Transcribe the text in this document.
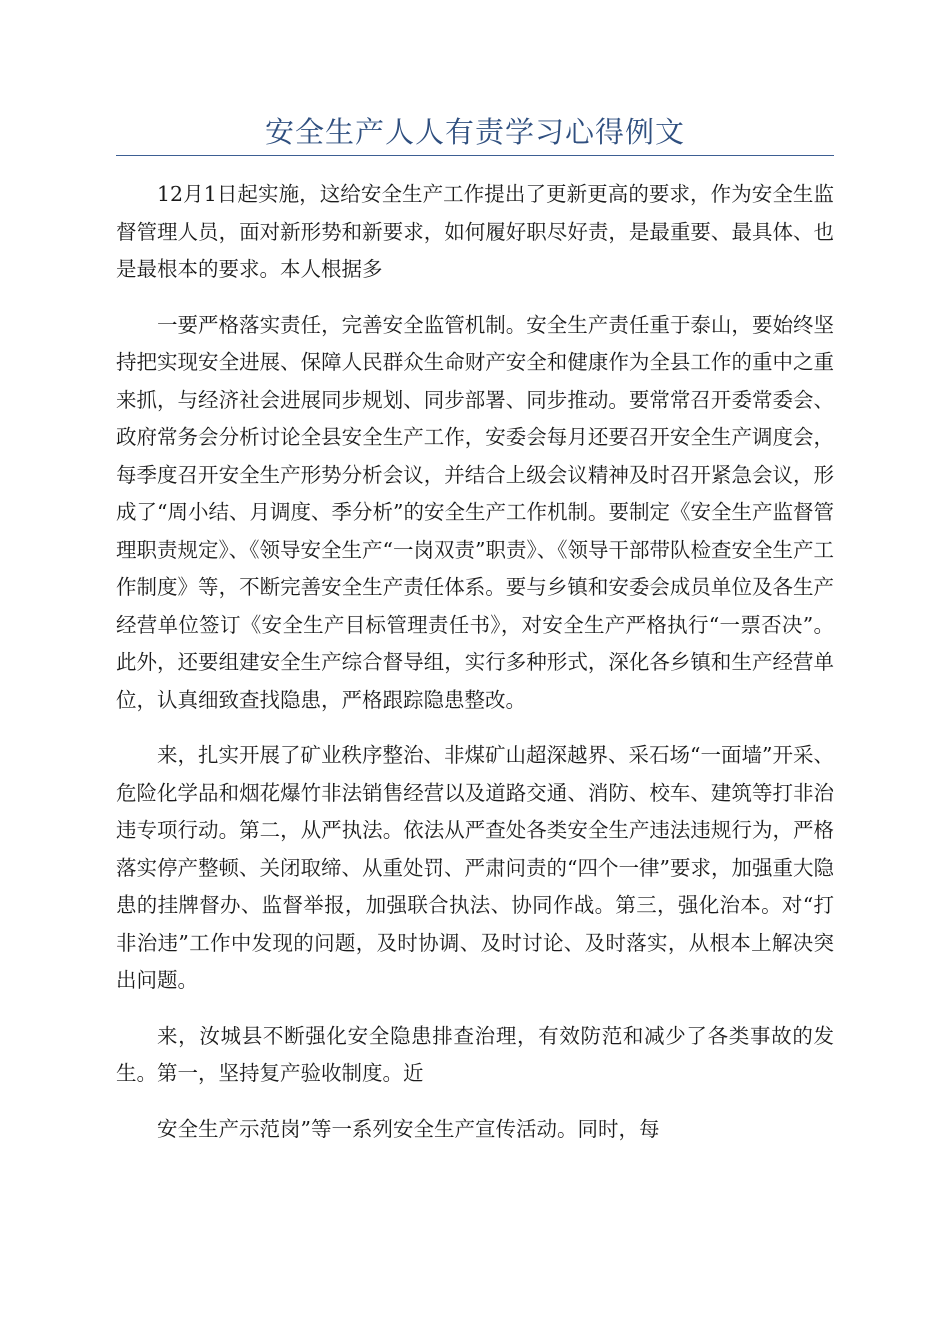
安全生产人人有责学习心得例文

12月1日起实施，这给安全生产工作提出了更新更高的要求，作为安全生监督管理人员，面对新形势和新要求，如何履好职尽好责，是最重要、最具体、也是最根本的要求。本人根据多

一要严格落实责任，完善安全监管机制。安全生产责任重于泰山，要始终坚持把实现安全进展、保障人民群众生命财产安全和健康作为全县工作的重中之重来抓，与经济社会进展同步规划、同步部署、同步推动。要常常召开委常委会、政府常务会分析讨论全县安全生产工作，安委会每月还要召开安全生产调度会，每季度召开安全生产形势分析会议，并结合上级会议精神及时召开紧急会议，形成了“周小结、月调度、季分析”的安全生产工作机制。要制定《安全生产监督管理职责规定》、《领导安全生产“一岗双责”职责》、《领导干部带队检查安全生产工作制度》等，不断完善安全生产责任体系。要与乡镇和安委会成员单位及各生产经营单位签订《安全生产目标管理责任书》，对安全生产严格执行“一票否决”。此外，还要组建安全生产综合督导组，实行多种形式，深化各乡镇和生产经营单位，认真细致查找隐患，严格跟踪隐患整改。

来，扎实开展了矿业秩序整治、非煤矿山超深越界、采石场“一面墙”开采、危险化学品和烟花爆竹非法销售经营以及道路交通、消防、校车、建筑等打非治违专项行动。第二，从严执法。依法从严查处各类安全生产违法违规行为，严格落实停产整顿、关闭取缔、从重处罚、严肃问责的“四个一律”要求，加强重大隐患的挂牌督办、监督举报，加强联合执法、协同作战。第三，强化治本。对“打非治违”工作中发现的问题，及时协调、及时讨论、及时落实，从根本上解决突出问题。

来，汝城县不断强化安全隐患排查治理，有效防范和减少了各类事故的发生。第一，坚持复产验收制度。近

安全生产示范岗”等一系列安全生产宣传活动。同时，每
